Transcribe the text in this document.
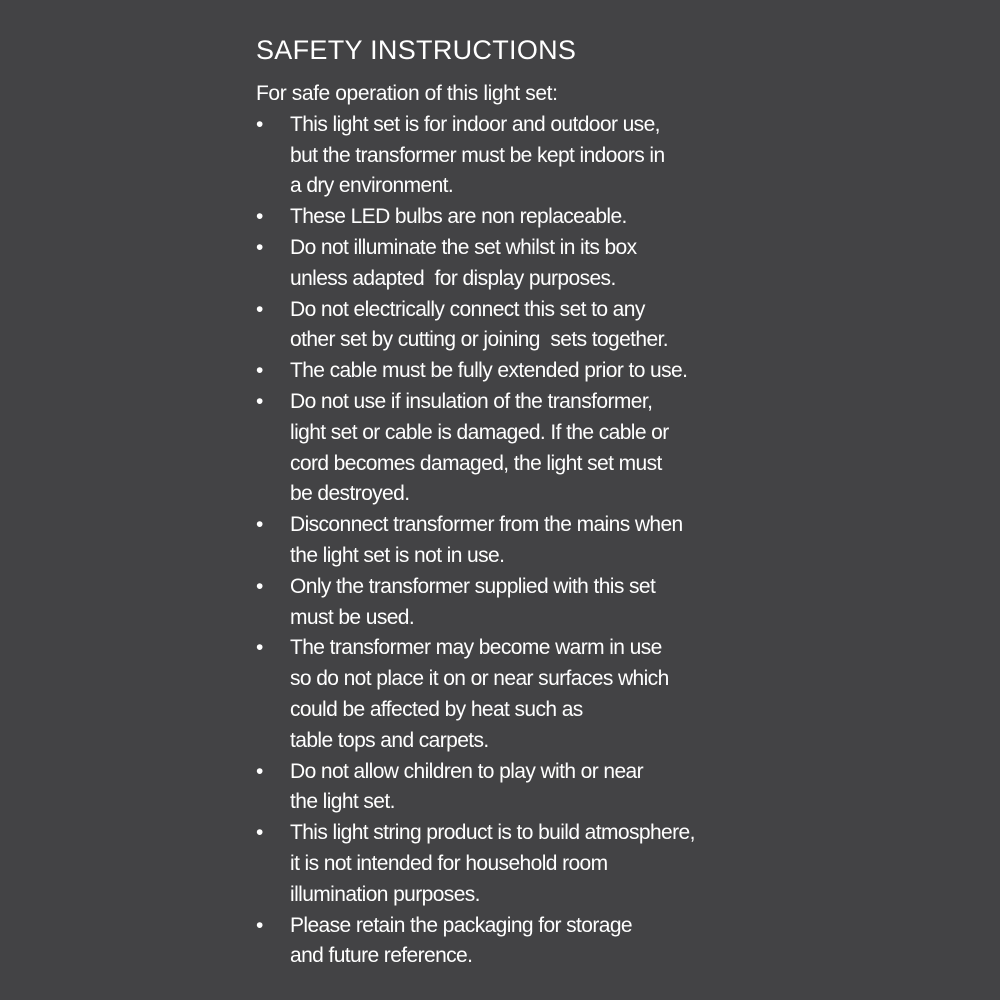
SAFETY INSTRUCTIONS
For safe operation of this light set:
• This light set is for indoor and outdoor use,
but the transformer must be kept indoors in
a dry environment.
• These LED bulbs are non replaceable.
• Do not illuminate the set whilst in its box
unless adapted  for display purposes.
• Do not electrically connect this set to any
other set by cutting or joining  sets together.
• The cable must be fully extended prior to use.
• Do not use if insulation of the transformer,
light set or cable is damaged. If the cable or
cord becomes damaged, the light set must
be destroyed.
• Disconnect transformer from the mains when
the light set is not in use.
• Only the transformer supplied with this set
must be used.
• The transformer may become warm in use
so do not place it on or near surfaces which
could be affected by heat such as
table tops and carpets.
• Do not allow children to play with or near
the light set.
• This light string product is to build atmosphere,
it is not intended for household room
illumination purposes.
• Please retain the packaging for storage
and future reference.
